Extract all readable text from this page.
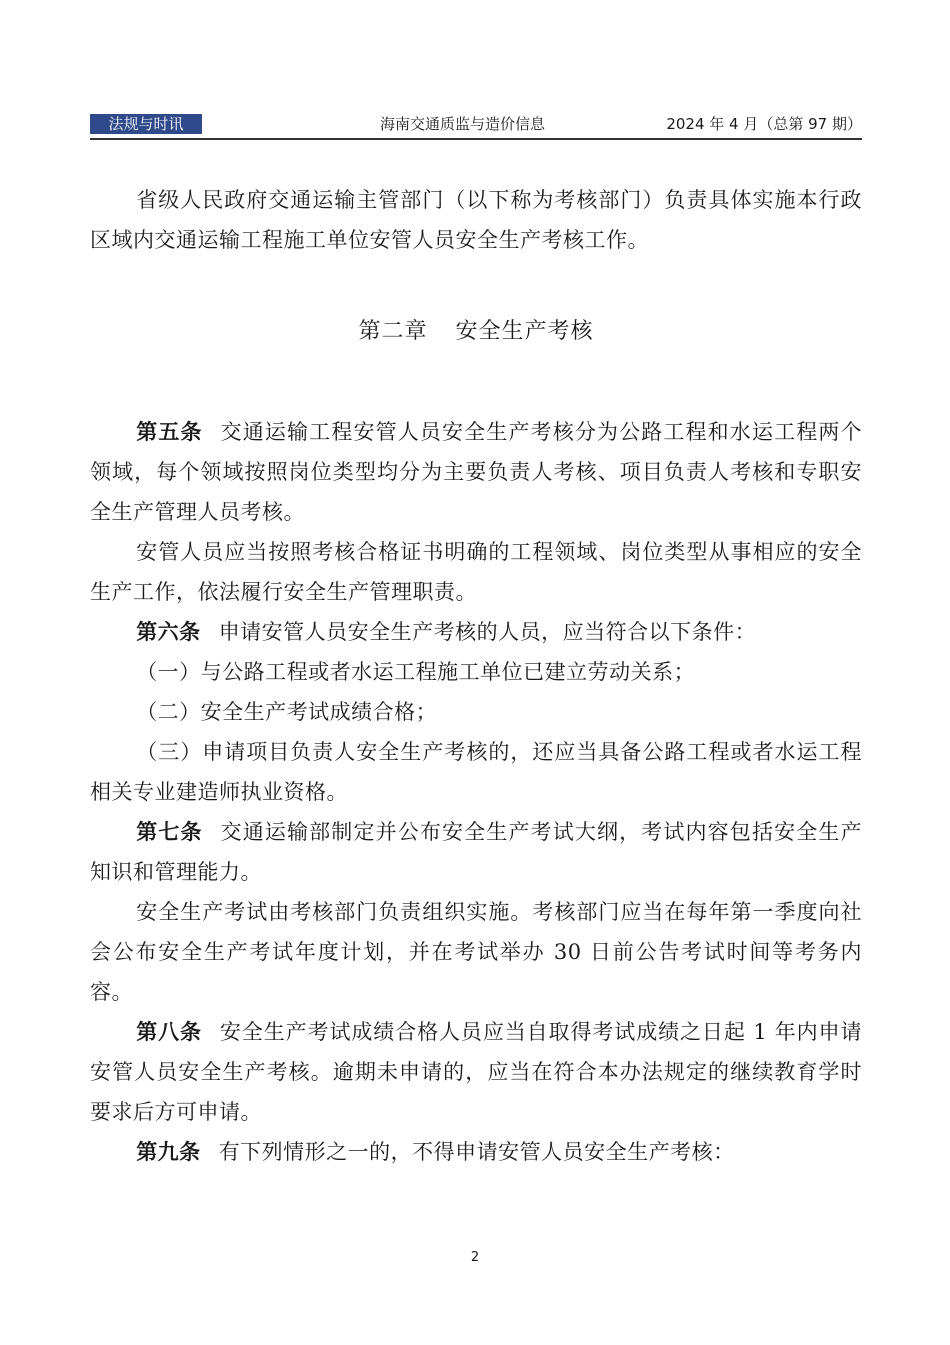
法规与时讯	海南交通质监与造价信息	2024 年 4 月（总第 97 期）

省级人民政府交通运输主管部门（以下称为考核部门）负责具体实施本行政区域内交通运输工程施工单位安管人员安全生产考核工作。

第二章 安全生产考核

第五条 交通运输工程安管人员安全生产考核分为公路工程和水运工程两个领域，每个领域按照岗位类型均分为主要负责人考核、项目负责人考核和专职安全生产管理人员考核。

安管人员应当按照考核合格证书明确的工程领域、岗位类型从事相应的安全生产工作，依法履行安全生产管理职责。

第六条 申请安管人员安全生产考核的人员，应当符合以下条件：

（一）与公路工程或者水运工程施工单位已建立劳动关系；

（二）安全生产考试成绩合格；

（三）申请项目负责人安全生产考核的，还应当具备公路工程或者水运工程相关专业建造师执业资格。

第七条 交通运输部制定并公布安全生产考试大纲，考试内容包括安全生产知识和管理能力。

安全生产考试由考核部门负责组织实施。考核部门应当在每年第一季度向社会公布安全生产考试年度计划，并在考试举办 30 日前公告考试时间等考务内容。

第八条 安全生产考试成绩合格人员应当自取得考试成绩之日起 1 年内申请安管人员安全生产考核。逾期未申请的，应当在符合本办法规定的继续教育学时要求后方可申请。

第九条 有下列情形之一的，不得申请安管人员安全生产考核：

2
